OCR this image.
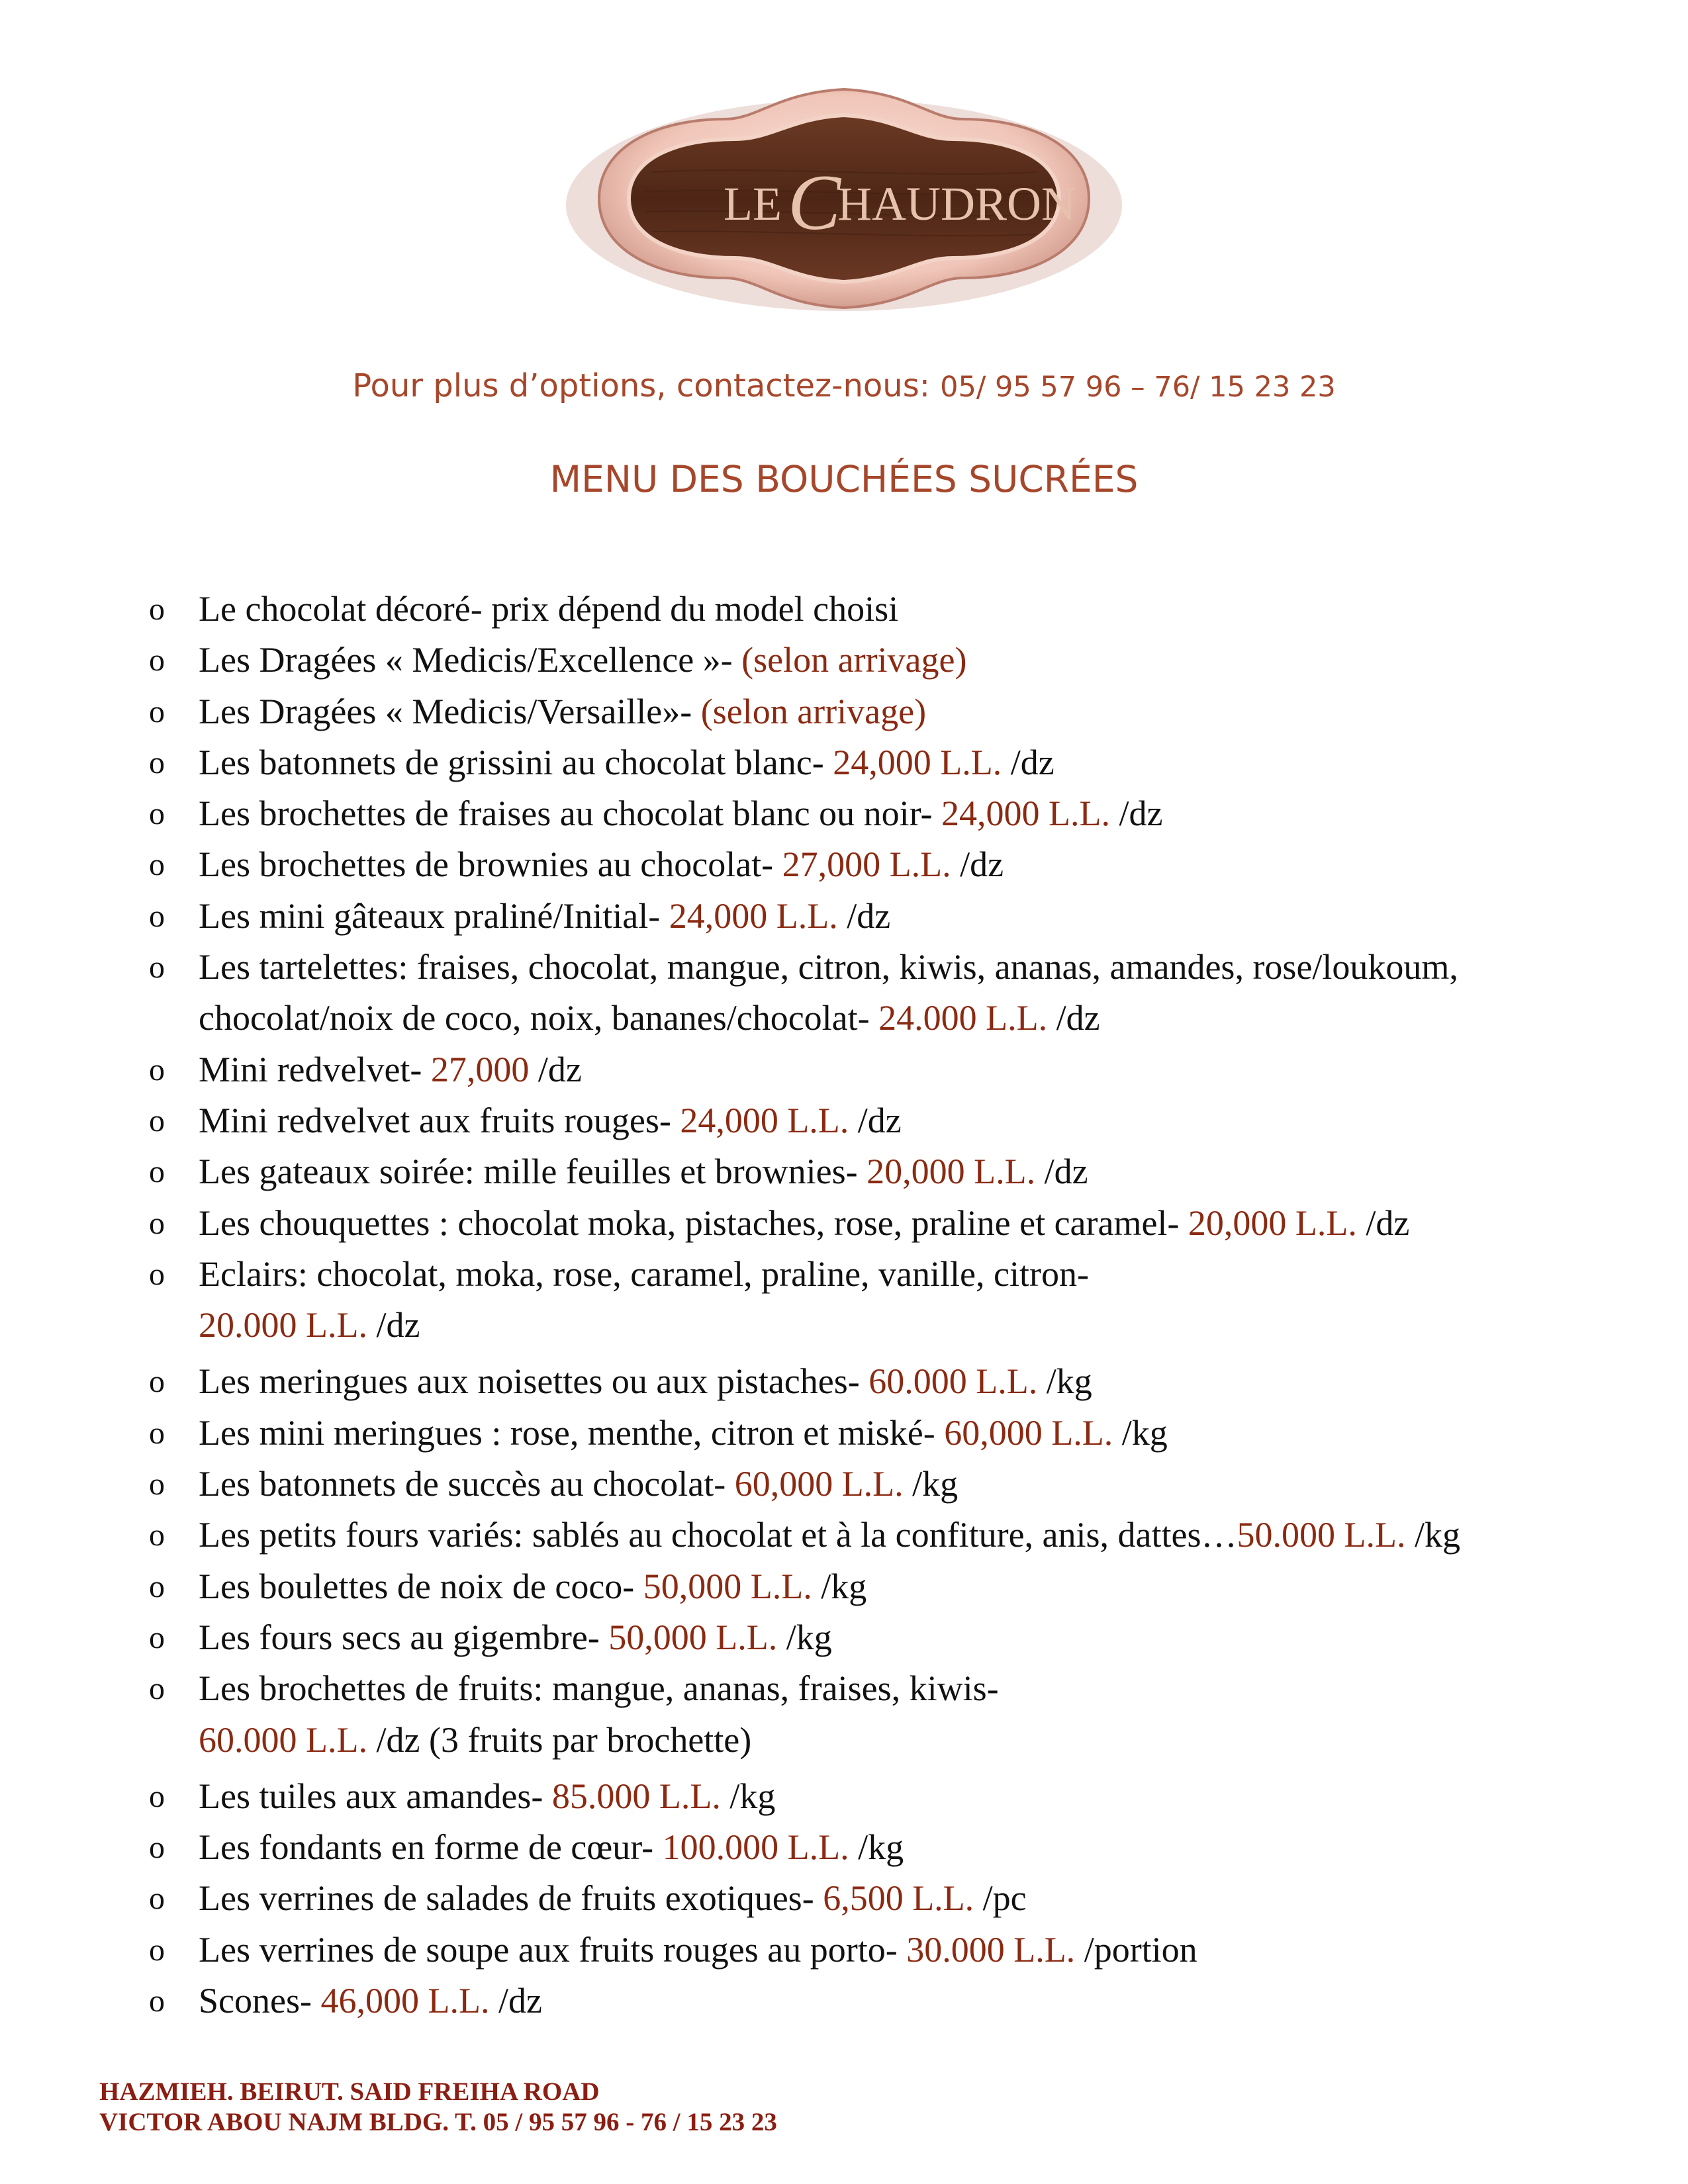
LE C
HAUDRON
Pour plus d’options, contactez-nous: 05/ 95 57 96 – 76/ 15 23 23
MENU DES BOUCHÉES SUCRÉES
o Le chocolat décoré- prix dépend du model choisi
o Les Dragées « Medicis/Excellence »- (selon arrivage)
o Les Dragées « Medicis/Versaille»- (selon arrivage)
o Les batonnets de grissini au chocolat blanc- 24,000 L.L. /dz
o Les brochettes de fraises au chocolat blanc ou noir- 24,000 L.L. /dz
o Les brochettes de brownies au chocolat- 27,000 L.L. /dz
o Les mini gâteaux praliné/Initial- 24,000 L.L. /dz
o Les tartelettes: fraises, chocolat, mangue, citron, kiwis, ananas, amandes, rose/loukoum, chocolat/noix de coco, noix, bananes/chocolat- 24.000 L.L. /dz
o Mini redvelvet- 27,000 /dz
o Mini redvelvet aux fruits rouges- 24,000 L.L. /dz
o Les gateaux soirée: mille feuilles et brownies- 20,000 L.L. /dz
o Les chouquettes : chocolat moka, pistaches, rose, praline et caramel- 20,000 L.L. /dz
o Eclairs: chocolat, moka, rose, caramel, praline, vanille, citron-
20.000 L.L. /dz
o Les meringues aux noisettes ou aux pistaches- 60.000 L.L. /kg
o Les mini meringues : rose, menthe, citron et miské- 60,000 L.L. /kg
o Les batonnets de succès au chocolat- 60,000 L.L. /kg
o Les petits fours variés: sablés au chocolat et à la confiture, anis, dattes…50.000 L.L. /kg
o Les boulettes de noix de coco- 50,000 L.L. /kg
o Les fours secs au gigembre- 50,000 L.L. /kg
o Les brochettes de fruits: mangue, ananas, fraises, kiwis-
60.000 L.L. /dz (3 fruits par brochette)
o Les tuiles aux amandes- 85.000 L.L. /kg
o Les fondants en forme de cœur- 100.000 L.L. /kg
o Les verrines de salades de fruits exotiques- 6,500 L.L. /pc
o Les verrines de soupe aux fruits rouges au porto- 30.000 L.L. /portion
o Scones- 46,000 L.L. /dz
HAZMIEH. BEIRUT. SAID FREIHA ROAD
VICTOR ABOU NAJM BLDG. T. 05 / 95 57 96 - 76 / 15 23 23
